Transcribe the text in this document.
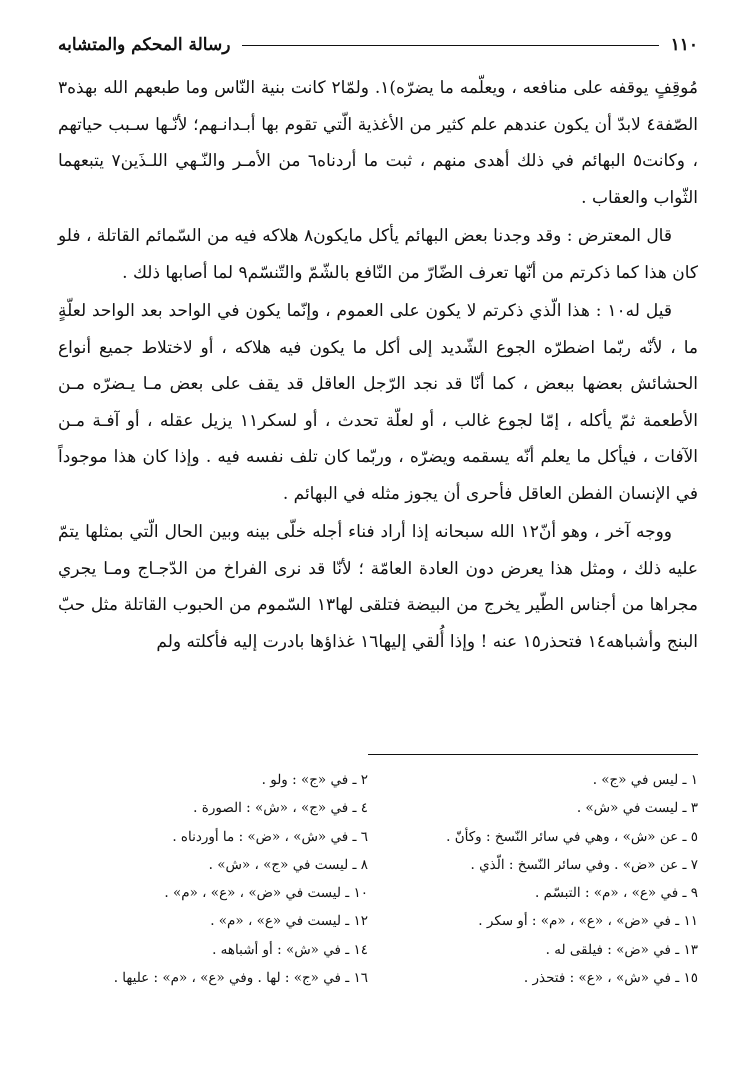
١١٠
رسالة المحكم والمتشابه

مُوقِفٍ يوقفه على منافعه ، ويعلّمه ما يضرّه)١. ولمّا٢ كانت بنية النّاس وما طبعهم الله بهذه٣ الصّفة٤ لابدّ أن يكون عندهم علم كثير من الأغذية الّتي تقوم بها أبـدانـهم؛ لأنّـها سـبب حياتهم ، وكانت٥ البهائم في ذلك أهدى منهم ، ثبت ما أردناه٦ من الأمـر والنّـهي اللـذَين٧ يتبعهما الثّواب والعقاب .

قال المعترض : وقد وجدنا بعض البهائم يأكل مايكون٨ هلاكه فيه من السّمائم القاتلة ، فلو كان هذا كما ذكرتم من أنّها تعرف الضّارّ من النّافع بالشّمّ والتّنسّم٩ لما أصابها ذلك .

قيل له١٠ : هذا الّذي ذكرتم لا يكون على العموم ، وإنّما يكون في الواحد بعد الواحد لعلّةٍ ما ، لأنّه ربّما اضطرّه الجوع الشّديد إلى أكل ما يكون فيه هلاكه ، أو لاختلاط جميع أنواع الحشائش بعضها ببعض ، كما أنّا قد نجد الرّجل العاقل قد يقف على بعض مـا يـضرّه مـن الأطعمة ثمّ يأكله ، إمّا لجوع غالب ، أو لعلّة تحدث ، أو لسكر١١ يزيل عقله ، أو آفـة مـن الآفات ، فيأكل ما يعلم أنّه يسقمه ويضرّه ، وربّما كان تلف نفسه فيه . وإذا كان هذا موجوداً في الإنسان الفطن العاقل فأحرى أن يجوز مثله في البهائم .

ووجه آخر ، وهو أنّ١٢ الله سبحانه إذا أراد فناء أجله خلّى بينه وبين الحال الّتي بمثلها يتمّ عليه ذلك ، ومثل هذا يعرض دون العادة العامّة ؛ لأنّا قد نرى الفراخ من الدّجـاج ومـا يجري مجراها من أجناس الطّير يخرج من البيضة فتلقى لها١٣ السّموم من الحبوب القاتلة مثل حبّ البنج وأشباهه١٤ فتحذر١٥ عنه ! وإذا أُلقي إليها١٦ غذاؤها بادرت إليه فأكلته ولم

١ ـ ليس في «ج» .
٢ ـ في «ج» : ولو .
٣ ـ ليست في «ش» .
٤ ـ في «ج» ، «ش» : الصورة .
٥ ـ عن «ش» ، وهي في سائر النّسخ : وكأنّ .
٦ ـ في «ش» ، «ض» : ما أوردناه .
٧ ـ عن «ض» . وفي سائر النّسخ : الّذي .
٨ ـ ليست في «ج» ، «ش» .
٩ ـ في «ع» ، «م» : التبسّم .
١٠ ـ ليست في «ض» ، «ع» ، «م» .
١١ ـ في «ض» ، «ع» ، «م» : أو سكر .
١٢ ـ ليست في «ع» ، «م» .
١٣ ـ في «ض» : فيلقى له .
١٤ ـ في «ش» : أو أشباهه .
١٥ ـ في «ش» ، «ع» : فتحذر .
١٦ ـ في «ج» : لها . وفي «ع» ، «م» : عليها .
